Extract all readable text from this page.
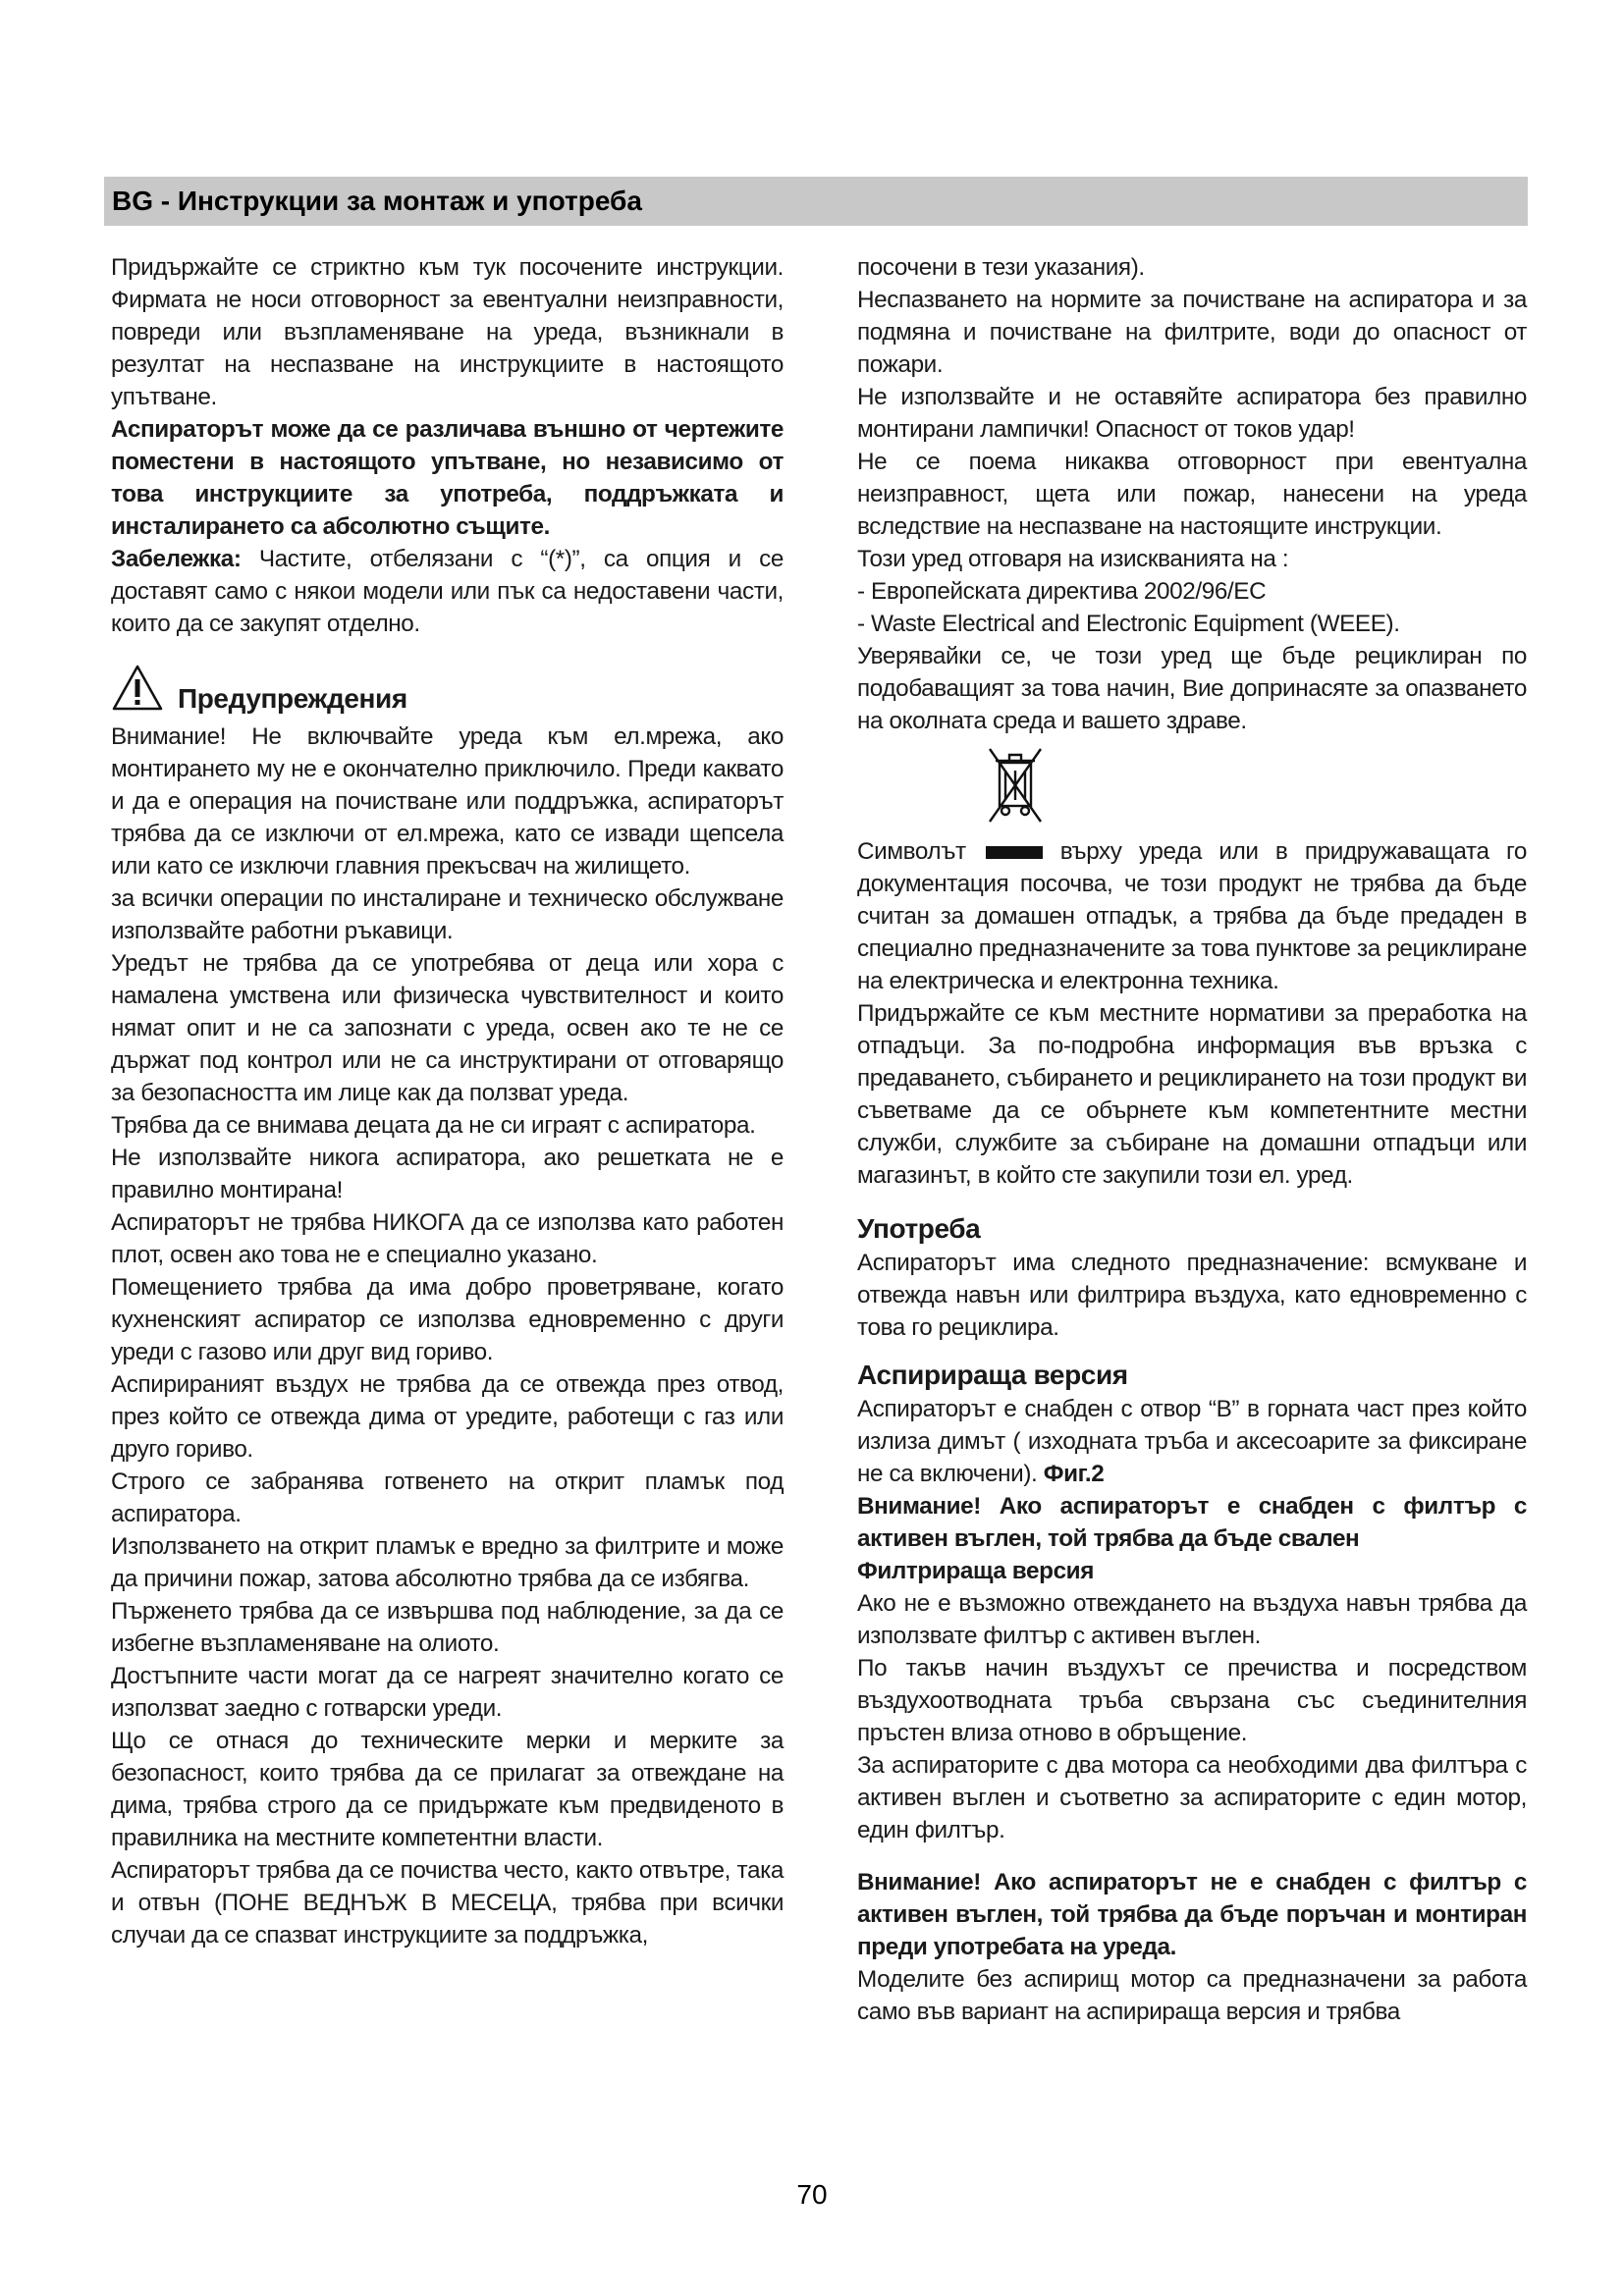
BG - Инструкции за монтаж и употреба

Придържайте се стриктно към тук посочените инструкции. Фирмата не носи отговорност за евентуални неизправности, повреди или възпламеняване на уреда, възникнали в резултат на неспазване на инструкциите в настоящото упътване.

Аспираторът може да се различава външно от чертежите поместени в настоящото упътване, но независимо от това инструкциите за употреба, поддръжката и инсталирането са абсолютно същите.

Забележка: Частите, отбелязани с “(*)”, са опция и се доставят само с някои модели или пък са недоставени части, които да се закупят отделно.

Предупреждения

Внимание! Не включвайте уреда към ел.мрежа, ако монтирането му не е окончателно приключило. Преди каквато и да е операция на почистване или поддръжка, аспираторът трябва да се изключи от ел.мрежа, като се извади щепсела или като се изключи главния прекъсвач на жилището.

за всички операции по инсталиране и техническо обслужване използвайте работни ръкавици.

Уредът не трябва да се употребява от деца или хора с намалена умствена или физическа чувствителност и които нямат опит и не са запознати с уреда, освен ако те не се държат под контрол или не са инструктирани от отговарящо за безопасността им лице как да ползват уреда.

Трябва да се внимава децата да не си играят с аспиратора.

Не използвайте никога аспиратора, ако решетката не е правилно монтирана!

Аспираторът не трябва НИКОГА да се използва като работен плот, освен ако това не е специално указано.

Помещението трябва да има добро проветряване, когато кухненският аспиратор се използва едновременно с други уреди с газово или друг вид гориво.

Аспирираният въздух не трябва да се отвежда през отвод, през който се отвежда дима от уредите, работещи с газ или друго гориво.

Строго се забранява готвенето на открит пламък под аспиратора.

Използването на открит пламък е вредно за филтрите и може да причини пожар, затова абсолютно трябва да се избягва.

Пърженето трябва да се извършва под наблюдение, за да се избегне възпламеняване на олиото.

Достъпните части могат да се нагреят значително когато се използват заедно с готварски уреди.

Що се отнася до техническите мерки и мерките за безопасност, които трябва да се прилагат за отвеждане на дима, трябва строго да се придържате към предвиденото в правилника на местните компетентни власти.

Аспираторът трябва да се почиства често, както отвътре, така и отвън (ПОНЕ ВЕДНЪЖ В МЕСЕЦА, трябва при всички случаи да се спазват инструкциите за поддръжка,

посочени в тези указания).

Неспазването на нормите за почистване на аспиратора и за подмяна и почистване на филтрите, води до опасност от пожари.

Не използвайте и не оставяйте аспиратора без правилно монтирани лампички! Опасност от токов удар!

Не се поема никаква отговорност при евентуална неизправност, щета или пожар, нанесени на уреда вследствие на неспазване на настоящите инструкции.

Този уред отговаря на изискванията на :

- Европейската директива 2002/96/ЕС

- Waste Electrical and Electronic Equipment (WEEE).

Уверявайки се, че този уред ще бъде рециклиран по подобаващият за това начин, Вие допринасяте за опазването на околната среда и вашето здраве.

Символът	върху уреда или в придружаващата го документация посочва, че този продукт не трябва да бъде считан за домашен отпадък, а трябва да бъде предаден в специално предназначените за това пунктове за рециклиране на електрическа и електронна техника.

Придържайте се към местните нормативи за преработка на отпадъци. За по-подробна информация във връзка с предаването, събирането и рециклирането на този продукт ви съветваме да се обърнете към компетентните местни служби, службите за събиране на домашни отпадъци или магазинът, в който сте закупили този ел. уред.

Употреба

Аспираторът има следното предназначение: всмукване и отвежда навън или филтрира въздуха, като едновременно с това го рециклира.

Аспирираща версия

Аспираторът е снабден с отвор “В” в горната част през който излиза димът ( изходната тръба и аксесоарите за фиксиране не са включени). Фиг.2

Внимание! Ако аспираторът е снабден с филтър с активен въглен, той трябва да бъде свален

Филтрираща версия

Ако не е възможно отвеждането на въздуха навън трябва да използвате филтър с активен въглен.

По такъв начин въздухът се пречиства и посредством въздухоотводната тръба свързана със съединителния пръстен влиза отново в обръщение.

За аспираторите с два мотора са необходими два филтъра с активен въглен и съответно за аспираторите с един мотор, един филтър.

Внимание! Ако аспираторът не е снабден с филтър с активен въглен, той трябва да бъде поръчан и монтиран преди употребата на уреда.

Моделите без аспирищ мотор са предназначени за работа само във вариант на аспирираща версия и трябва

70
